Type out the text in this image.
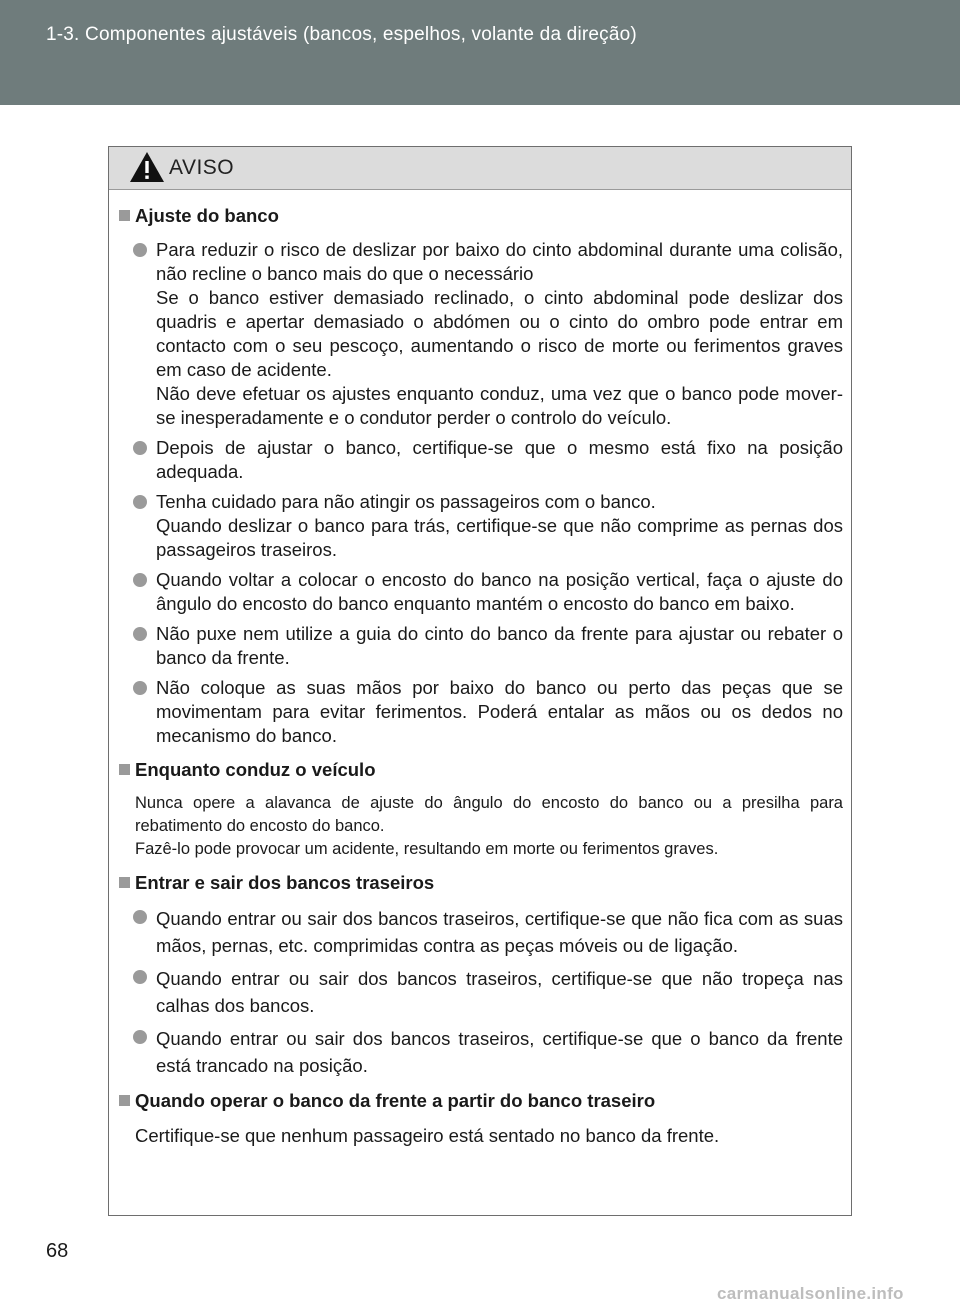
1-3. Componentes ajustáveis (bancos, espelhos, volante da direção)
AVISO
Ajuste do banco

Para reduzir o risco de deslizar por baixo do cinto abdominal durante uma colisão, não recline o banco mais do que o necessário

Se o banco estiver demasiado reclinado, o cinto abdominal pode deslizar dos quadris e apertar demasiado o abdómen ou o cinto do ombro pode entrar em contacto com o seu pescoço, aumentando o risco de morte ou ferimentos graves em caso de acidente.

Não deve efetuar os ajustes enquanto conduz, uma vez que o banco pode mover-se inesperadamente e o condutor perder o controlo do veículo.

Depois de ajustar o banco, certifique-se que o mesmo está fixo na posição adequada.

Tenha cuidado para não atingir os passageiros com o banco.

Quando deslizar o banco para trás, certifique-se que não comprime as pernas dos passageiros traseiros.

Quando voltar a colocar o encosto do banco na posição vertical, faça o ajuste do ângulo do encosto do banco enquanto mantém o encosto do banco em baixo.

Não puxe nem utilize a guia do cinto do banco da frente para ajustar ou rebater o banco da frente.

Não coloque as suas mãos por baixo do banco ou perto das peças que se movimentam para evitar ferimentos. Poderá entalar as mãos ou os dedos no mecanismo do banco.

Enquanto conduz o veículo

Nunca opere a alavanca de ajuste do ângulo do encosto do banco ou a presilha para rebatimento do encosto do banco.

Fazê-lo pode provocar um acidente, resultando em morte ou ferimentos graves.

Entrar e sair dos bancos traseiros

Quando entrar ou sair dos bancos traseiros, certifique-se que não fica com as suas mãos, pernas, etc. comprimidas contra as peças móveis ou de ligação.

Quando entrar ou sair dos bancos traseiros, certifique-se que não tropeça nas calhas dos bancos.

Quando entrar ou sair dos bancos traseiros, certifique-se que o banco da frente está trancado na posição.

Quando operar o banco da frente a partir do banco traseiro

Certifique-se que nenhum passageiro está sentado no banco da frente.

68
carmanualsonline.info
